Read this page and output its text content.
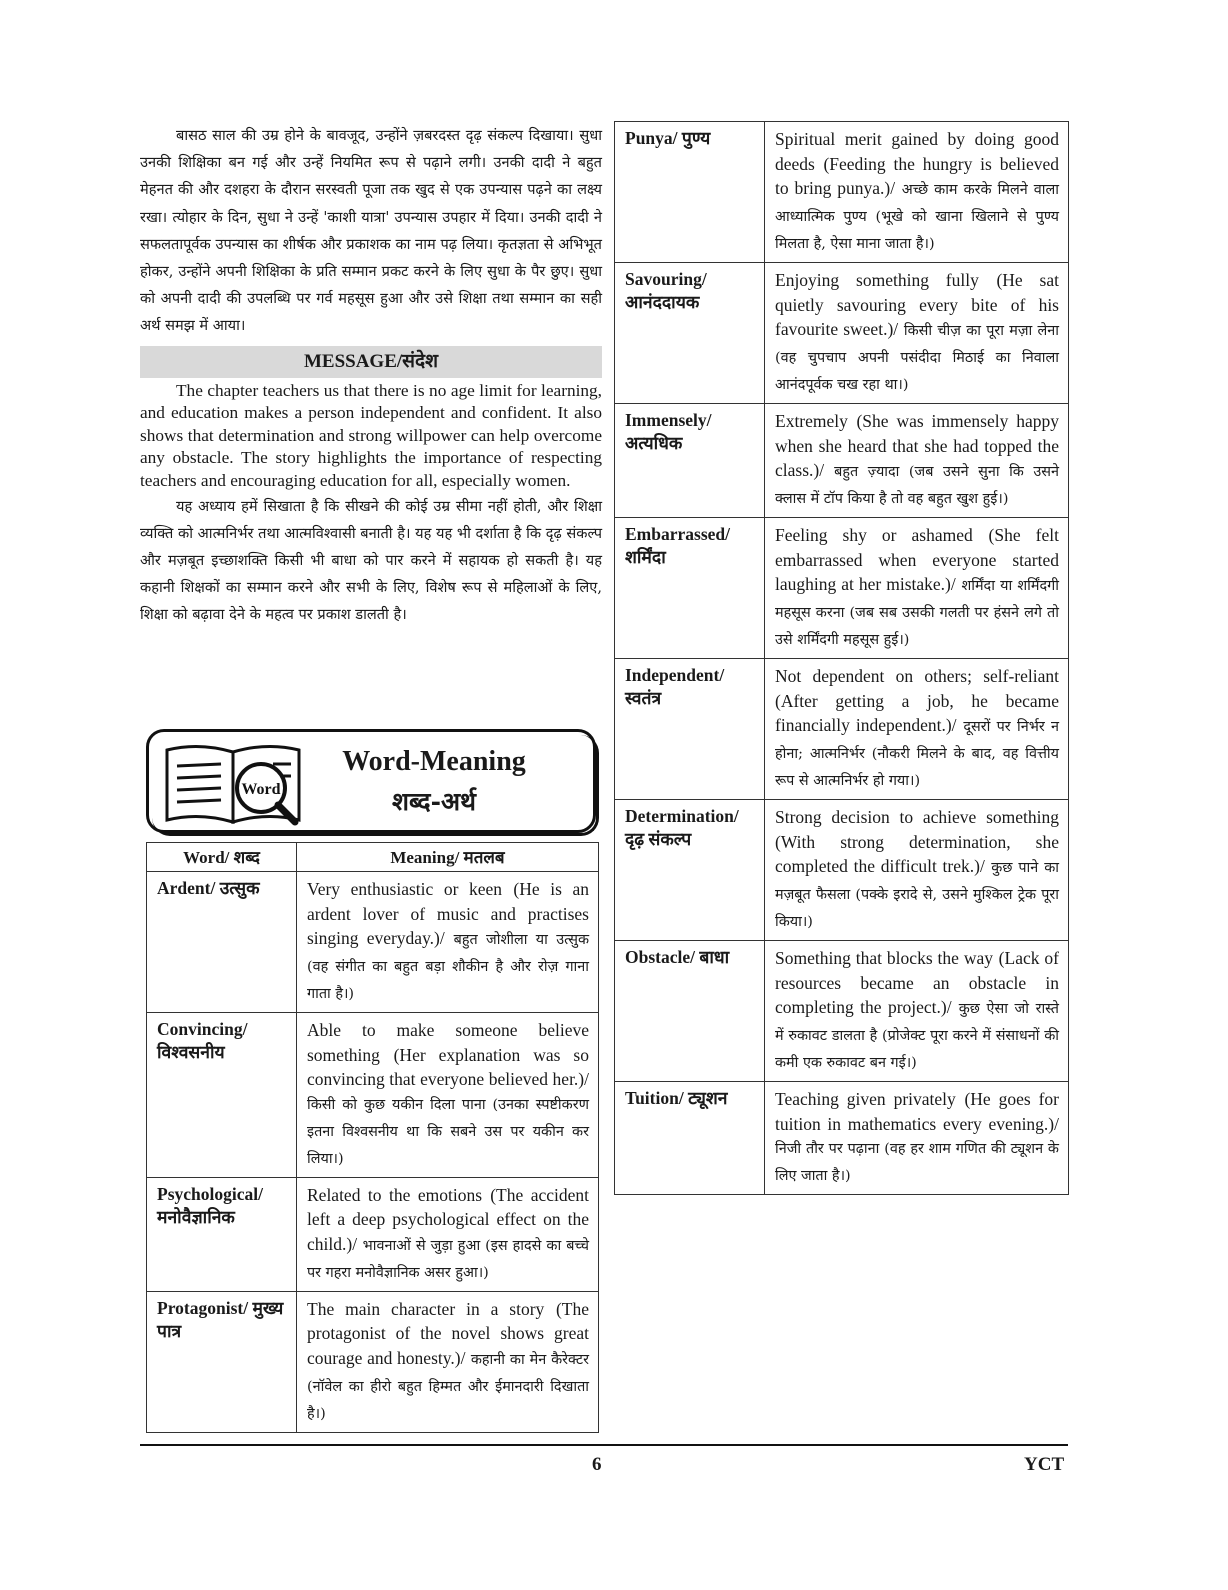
बासठ साल की उम्र होने के बावजूद, उन्होंने ज़बरदस्त दृढ़ संकल्प दिखाया। सुधा उनकी शिक्षिका बन गई और उन्हें नियमित रूप से पढ़ाने लगी। उनकी दादी ने बहुत मेहनत की और दशहरा के दौरान सरस्वती पूजा तक खुद से एक उपन्यास पढ़ने का लक्ष्य रखा। त्योहार के दिन, सुधा ने उन्हें 'काशी यात्रा' उपन्यास उपहार में दिया। उनकी दादी ने सफलतापूर्वक उपन्यास का शीर्षक और प्रकाशक का नाम पढ़ लिया। कृतज्ञता से अभिभूत होकर, उन्होंने अपनी शिक्षिका के प्रति सम्मान प्रकट करने के लिए सुधा के पैर छुए। सुधा को अपनी दादी की उपलब्धि पर गर्व महसूस हुआ और उसे शिक्षा तथा सम्मान का सही अर्थ समझ में आया।

MESSAGE/संदेश

The chapter teachers us that there is no age limit for learning, and education makes a person independent and confident. It also shows that determination and strong willpower can help overcome any obstacle. The story highlights the importance of respecting teachers and encouraging education for all, especially women.

यह अध्याय हमें सिखाता है कि सीखने की कोई उम्र सीमा नहीं होती, और शिक्षा व्यक्ति को आत्मनिर्भर तथा आत्मविश्वासी बनाती है। यह यह भी दर्शाता है कि दृढ़ संकल्प और मज़बूत इच्छाशक्ति किसी भी बाधा को पार करने में सहायक हो सकती है। यह कहानी शिक्षकों का सम्मान करने और सभी के लिए, विशेष रूप से महिलाओं के लिए, शिक्षा को बढ़ावा देने के महत्व पर प्रकाश डालती है।

Word
Word-Meaning
शब्द-अर्थ
Word/ शब्द	Meaning/ मतलब
Ardent/ उत्सुक	Very enthusiastic or keen (He is an ardent lover of music and practises singing everyday.)/ बहुत जोशीला या उत्सुक (वह संगीत का बहुत बड़ा शौकीन है और रोज़ गाना गाता है।)
Convincing/ विश्वसनीय	Able to make someone believe something (Her explanation was so convincing that everyone believed her.)/ किसी को कुछ यकीन दिला पाना (उनका स्पष्टीकरण इतना विश्वसनीय था कि सबने उस पर यकीन कर लिया।)
Psychological/ मनोवैज्ञानिक	Related to the emotions (The accident left a deep psychological effect on the child.)/ भावनाओं से जुड़ा हुआ (इस हादसे का बच्चे पर गहरा मनोवैज्ञानिक असर हुआ।)
Protagonist/ मुख्य पात्र	The main character in a story (The protagonist of the novel shows great courage and honesty.)/ कहानी का मेन कैरेक्टर (नॉवेल का हीरो बहुत हिम्मत और ईमानदारी दिखाता है।)
Punya/ पुण्य	Spiritual merit gained by doing good deeds (Feeding the hungry is believed to bring punya.)/ अच्छे काम करके मिलने वाला आध्यात्मिक पुण्य (भूखे को खाना खिलाने से पुण्य मिलता है, ऐसा माना जाता है।)
Savouring/ आनंददायक	Enjoying something fully (He sat quietly savouring every bite of his favourite sweet.)/ किसी चीज़ का पूरा मज़ा लेना (वह चुपचाप अपनी पसंदीदा मिठाई का निवाला आनंदपूर्वक चख रहा था।)
Immensely/ अत्यधिक	Extremely (She was immensely happy when she heard that she had topped the class.)/ बहुत ज़्यादा (जब उसने सुना कि उसने क्लास में टॉप किया है तो वह बहुत खुश हुई।)
Embarrassed/ शर्मिंदा	Feeling shy or ashamed (She felt embarrassed when everyone started laughing at her mistake.)/ शर्मिंदा या शर्मिंदगी महसूस करना (जब सब उसकी गलती पर हंसने लगे तो उसे शर्मिंदगी महसूस हुई।)
Independent/ स्वतंत्र	Not dependent on others; self-reliant (After getting a job, he became financially independent.)/ दूसरों पर निर्भर न होना; आत्मनिर्भर (नौकरी मिलने के बाद, वह वित्तीय रूप से आत्मनिर्भर हो गया।)
Determination/ दृढ़ संकल्प	Strong decision to achieve something (With strong determination, she completed the difficult trek.)/ कुछ पाने का मज़बूत फैसला (पक्के इरादे से, उसने मुश्किल ट्रेक पूरा किया।)
Obstacle/ बाधा	Something that blocks the way (Lack of resources became an obstacle in completing the project.)/ कुछ ऐसा जो रास्ते में रुकावट डालता है (प्रोजेक्ट पूरा करने में संसाधनों की कमी एक रुकावट बन गई।)
Tuition/ ट्यूशन	Teaching given privately (He goes for tuition in mathematics every evening.)/ निजी तौर पर पढ़ाना (वह हर शाम गणित की ट्यूशन के लिए जाता है।)
6	YCT
